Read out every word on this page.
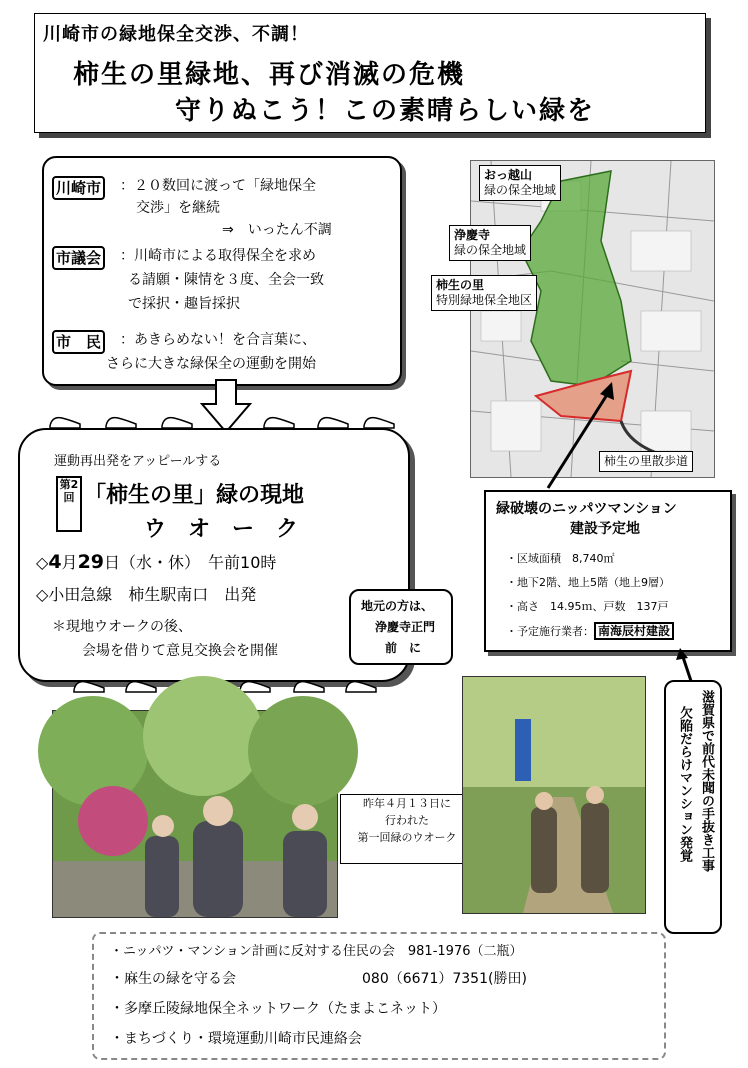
川崎市の緑地保全交渉、不調！
柿生の里緑地、再び消滅の危機
守りぬこう！この素晴らしい緑を
川崎市 ：２０数回に渡って「緑地保全
交渉」を継続
⇒　いったん不調
市議会 ：川崎市による取得保全を求め
る請願・陳情を３度、全会一致
で採択・趣旨採択
市　民 ：あきらめない！を合言葉に、
さらに大きな緑保全の運動を開始
運動再出発をアッピールする
第2回 「柿生の里」緑の現地
ウ　オ　ー　ク
◇4月29日（水・休）　午前10時
◇小田急線　柿生駅南口　出発
＊現地ウオークの後、
会場を借りて意見交換会を開催
地元の方は、
浄慶寺正門
前　に
おっ越山
緑の保全地域
浄慶寺
緑の保全地域
柿生の里
特別緑地保全地区
柿生の里散歩道
緑破壊のニッパツマンション
建設予定地
・区域面積　8,740㎡
・地下2階、地上5階（地上9層）
・高さ　14.95ｍ、戸数　137戸
・予定施行業者： 南海辰村建設
滋賀県で前代未聞の手抜き工事
欠陥だらけマンション発覚
昨年４月１３日に
行われた
第一回緑のウオーク
・ニッパツ・マンション計画に反対する住民の会　981-1976（二瓶）
・麻生の緑を守る会　　　　　　　　　080（6671）7351(勝田)
・多摩丘陵緑地保全ネットワーク（たまよこネット）
・まちづくり・環境運動川崎市民連絡会
